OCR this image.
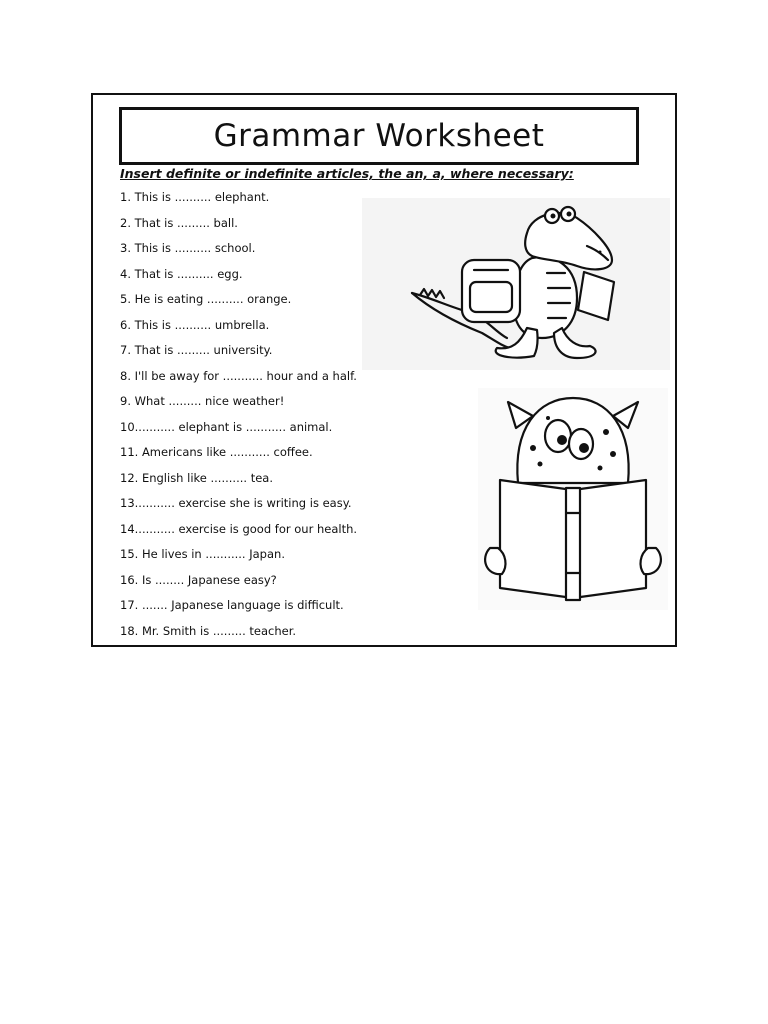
Grammar Worksheet
Insert definite or indefinite articles, the an, a, where necessary:
1. This is .......... elephant.
2. That is ......... ball.
3. This is .......... school.
4. That is .......... egg.
5. He is eating .......... orange.
6. This is .......... umbrella.
7. That is ......... university.
8. I'll be away for ........... hour and a half.
9. What ......... nice weather!
10........... elephant is ........... animal.
11. Americans like ........... coffee.
12. English like .......... tea.
13........... exercise she is writing is easy.
14........... exercise is good for our health.
15. He lives in ........... Japan.
16. Is ........ Japanese easy?
17. ....... Japanese language is difficult.
18. Mr. Smith is ......... teacher.
